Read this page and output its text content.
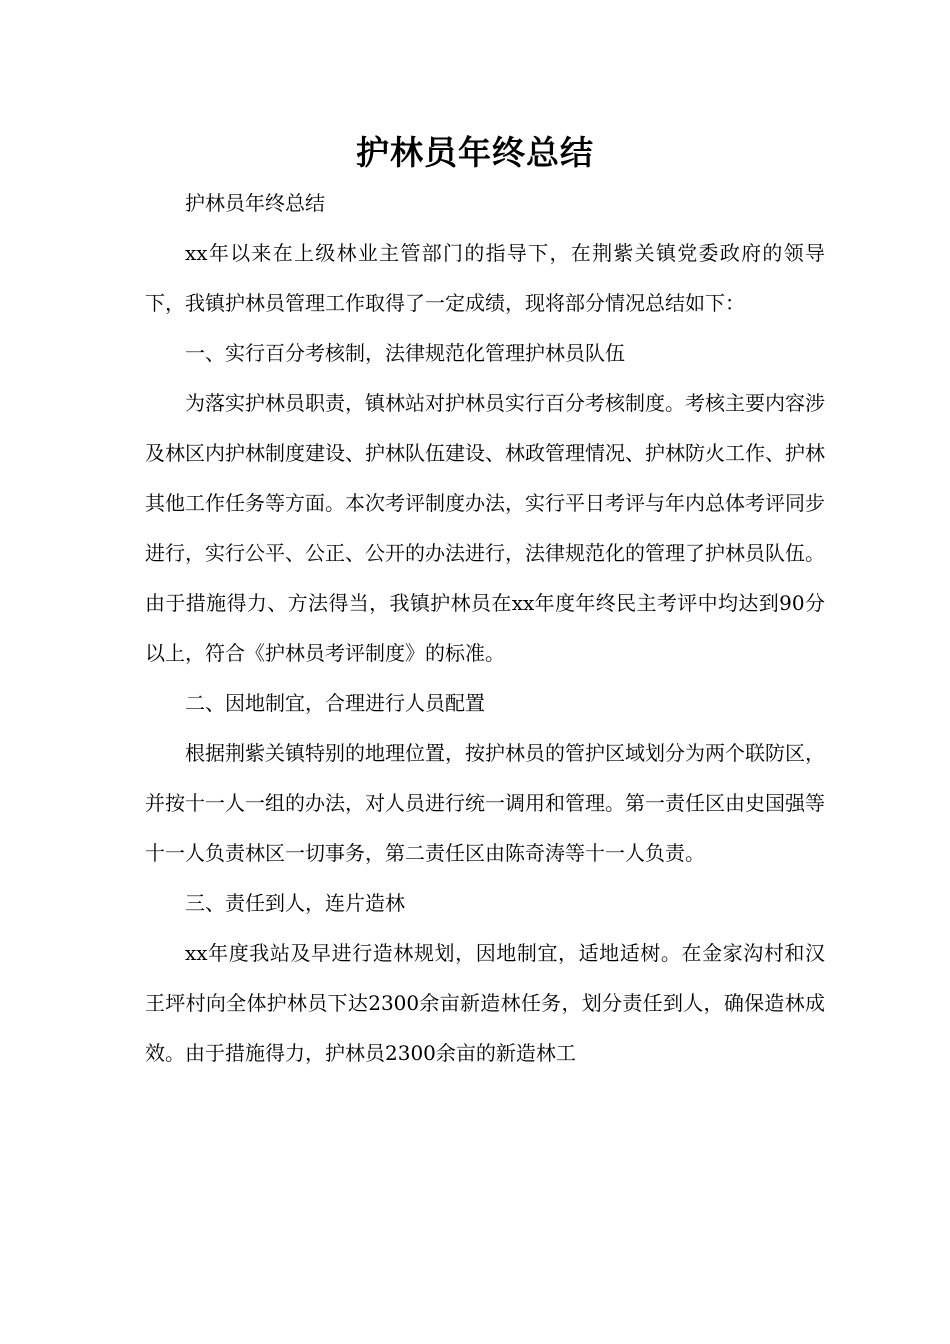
护林员年终总结

护林员年终总结

xx年以来在上级林业主管部门的指导下，在荆紫关镇党委政府的领导下，我镇护林员管理工作取得了一定成绩，现将部分情况总结如下：

一、实行百分考核制，法律规范化管理护林员队伍

为落实护林员职责，镇林站对护林员实行百分考核制度。考核主要内容涉及林区内护林制度建设、护林队伍建设、林政管理情况、护林防火工作、护林其他工作任务等方面。本次考评制度办法，实行平日考评与年内总体考评同步进行，实行公平、公正、公开的办法进行，法律规范化的管理了护林员队伍。由于措施得力、方法得当，我镇护林员在xx年度年终民主考评中均达到90分以上，符合《护林员考评制度》的标准。

二、因地制宜，合理进行人员配置

根据荆紫关镇特别的地理位置，按护林员的管护区域划分为两个联防区，并按十一人一组的办法，对人员进行统一调用和管理。第一责任区由史国强等十一人负责林区一切事务，第二责任区由陈奇涛等十一人负责。

三、责任到人，连片造林

xx年度我站及早进行造林规划，因地制宜，适地适树。在金家沟村和汉王坪村向全体护林员下达2300余亩新造林任务，划分责任到人，确保造林成效。由于措施得力，护林员2300余亩的新造林工
